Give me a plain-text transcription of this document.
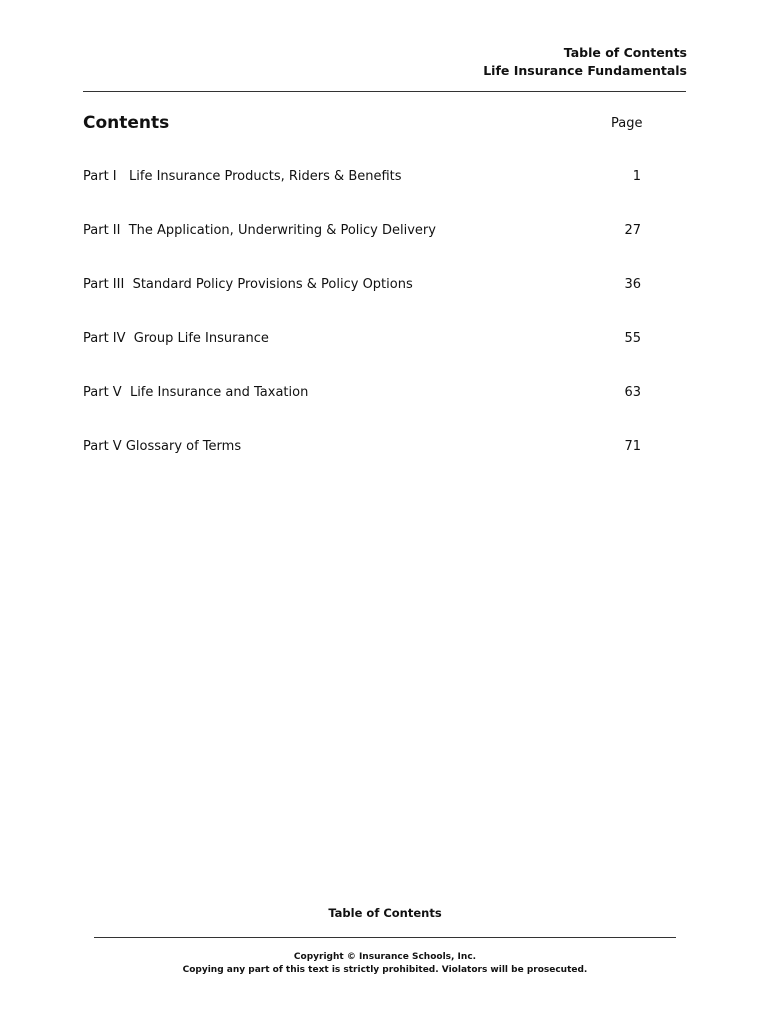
Table of Contents
Life Insurance Fundamentals
Contents	Page
Part I   Life Insurance Products, Riders & Benefits	1
Part II  The Application, Underwriting & Policy Delivery	27
Part III  Standard Policy Provisions & Policy Options	36
Part IV  Group Life Insurance	55
Part V  Life Insurance and Taxation	63
Part V Glossary of Terms	71
Table of Contents
Copyright © Insurance Schools, Inc.
Copying any part of this text is strictly prohibited. Violators will be prosecuted.
